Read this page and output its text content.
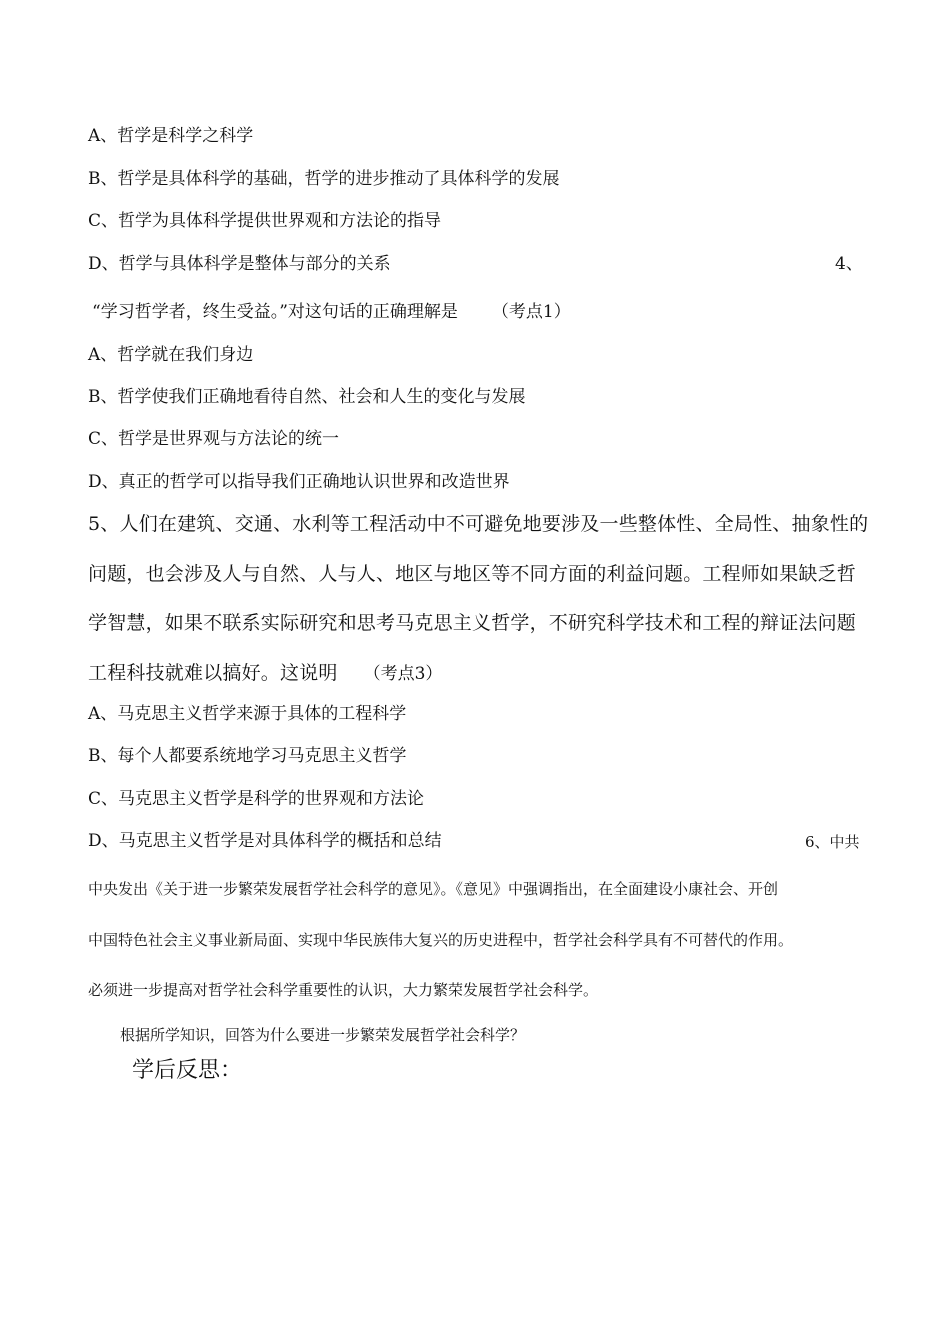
A、哲学是科学之科学
B、哲学是具体科学的基础，哲学的进步推动了具体科学的发展
C、哲学为具体科学提供世界观和方法论的指导
D、哲学与具体科学是整体与部分的关系	4、
“学习哲学者，终生受益。”对这句话的正确理解是 （考点1）
A、哲学就在我们身边
B、哲学使我们正确地看待自然、社会和人生的变化与发展
C、哲学是世界观与方法论的统一
D、真正的哲学可以指导我们正确地认识世界和改造世界
5、人们在建筑、交通、水利等工程活动中不可避免地要涉及一些整体性、全局性、抽象性的
问题，也会涉及人与自然、人与人、地区与地区等不同方面的利益问题。工程师如果缺乏哲
学智慧，如果不联系实际研究和思考马克思主义哲学，不研究科学技术和工程的辩证法问题
工程科技就难以搞好。这说明 （考点3）
A、马克思主义哲学来源于具体的工程科学
B、每个人都要系统地学习马克思主义哲学
C、马克思主义哲学是科学的世界观和方法论
D、马克思主义哲学是对具体科学的概括和总结	6、中共
中央发出《关于进一步繁荣发展哲学社会科学的意见》。《意见》中强调指出，在全面建设小康社会、开创
中国特色社会主义事业新局面、实现中华民族伟大复兴的历史进程中，哲学社会科学具有不可替代的作用。
必须进一步提高对哲学社会科学重要性的认识，大力繁荣发展哲学社会科学。
根据所学知识，回答为什么要进一步繁荣发展哲学社会科学？
学后反思：
